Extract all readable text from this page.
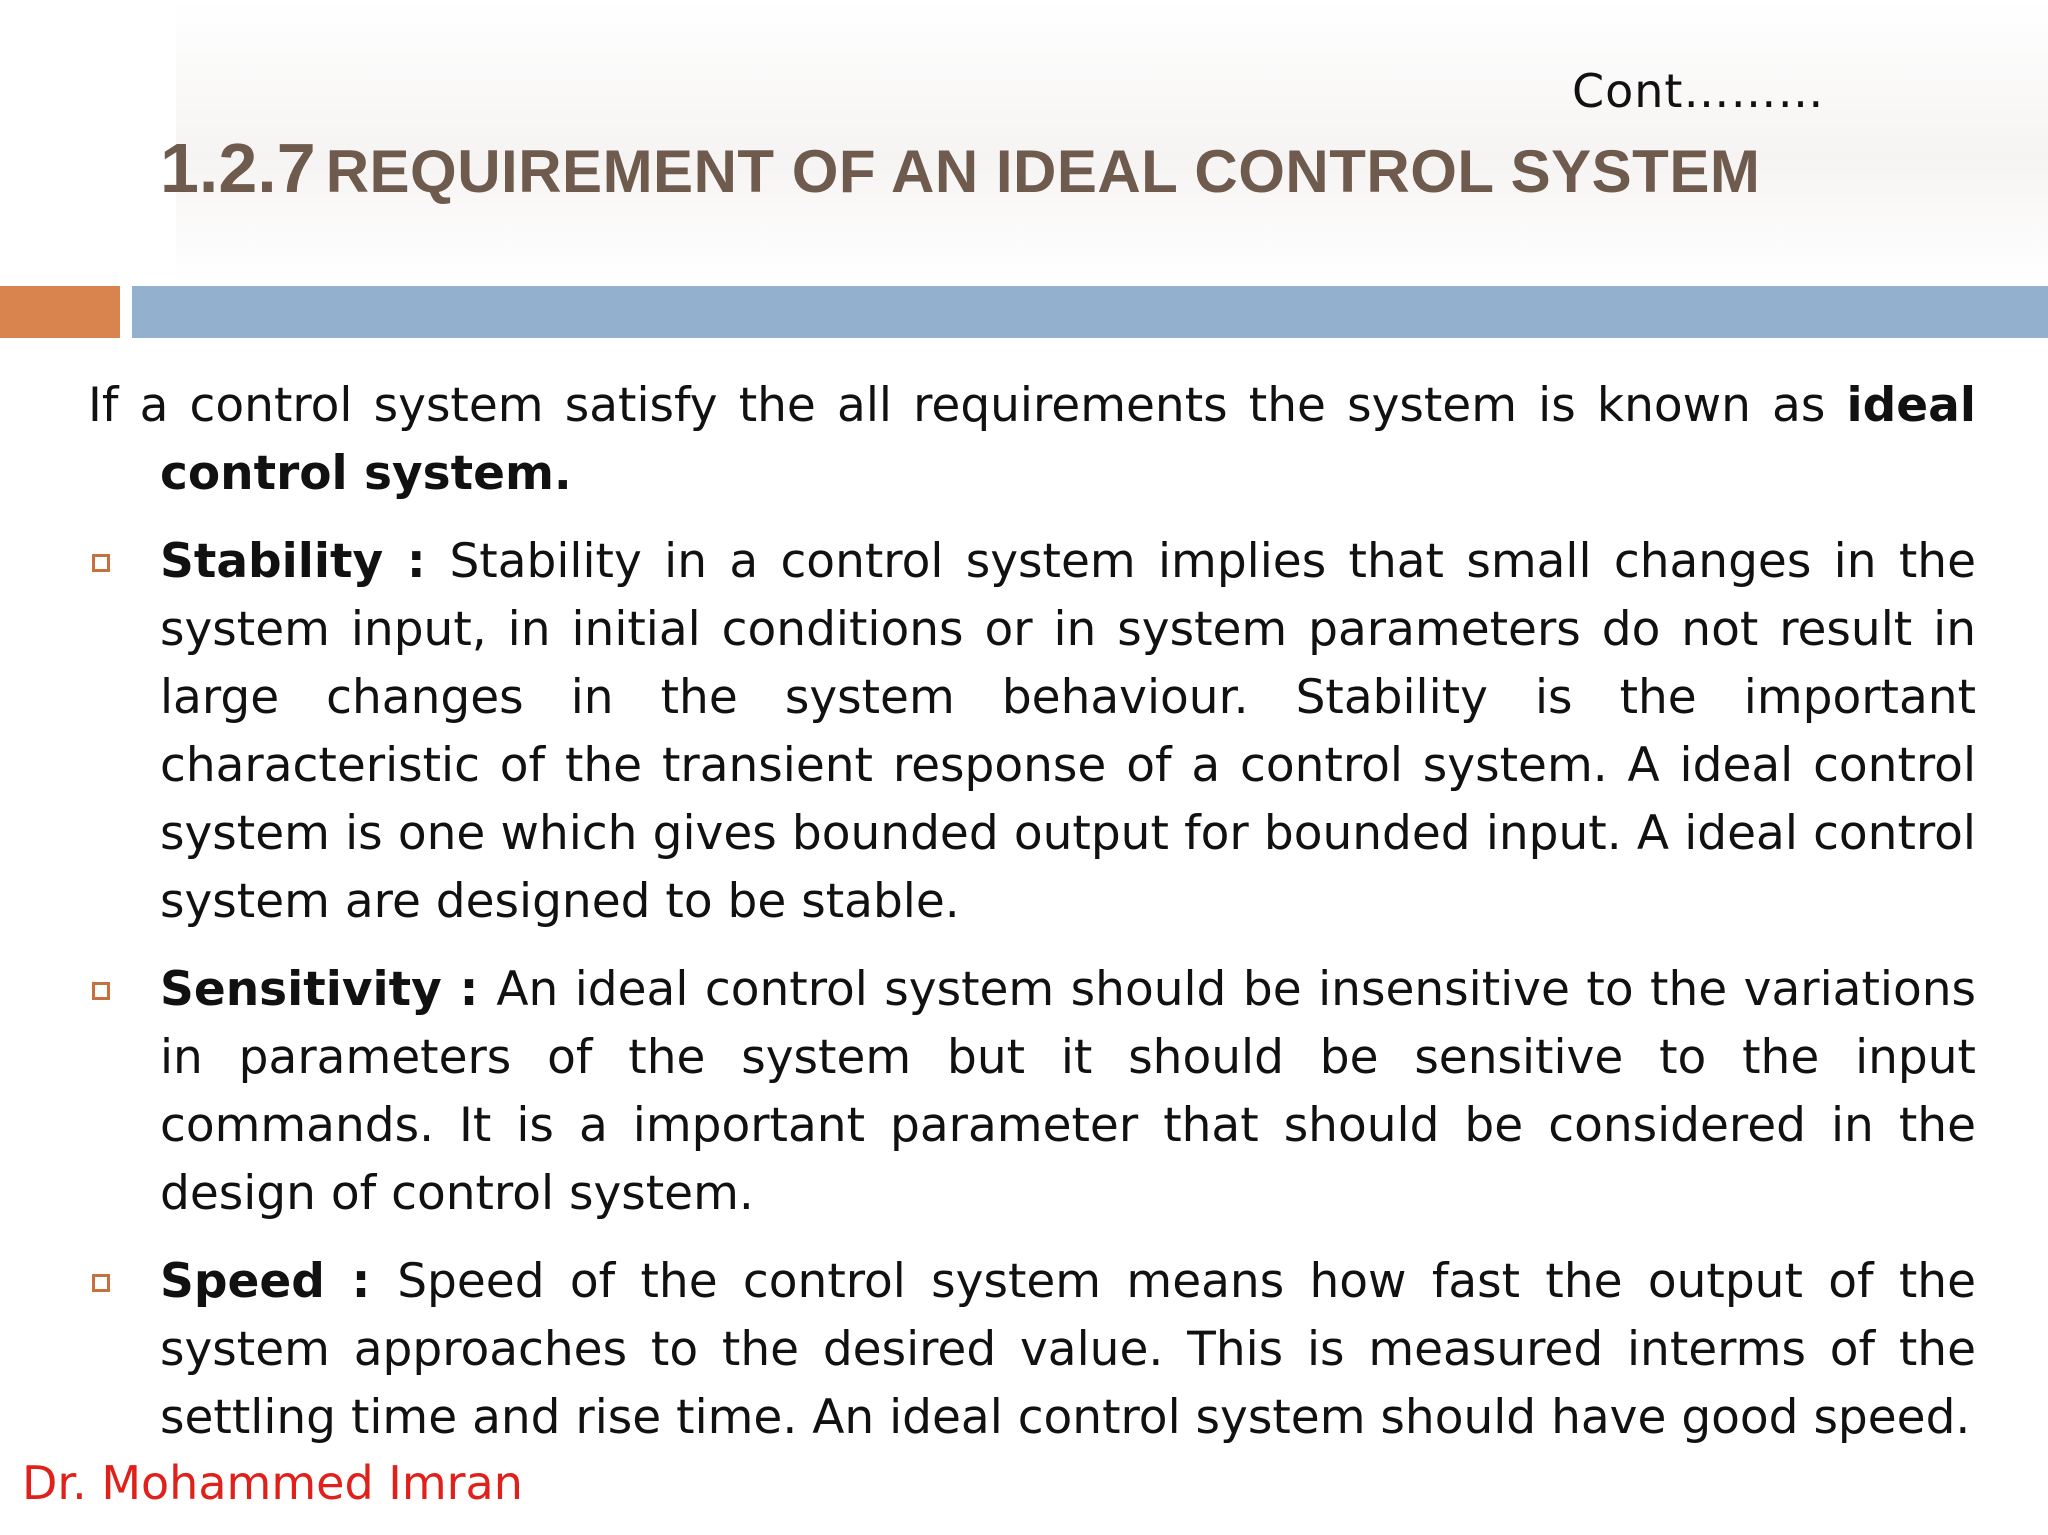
Cont………
1.2.7 REQUIREMENT OF AN IDEAL CONTROL SYSTEM

If a control system satisfy the all requirements the system is known as ideal control system.

Stability : Stability in a control system implies that small changes in the system input, in initial conditions or in system parameters do not result in large changes in the system behaviour. Stability is the important characteristic of the transient response of a control system. A ideal control system is one which gives bounded output for bounded input. A ideal control system are designed to be stable.
Sensitivity : An ideal control system should be insensitive to the variations in parameters of the system but it should be sensitive to the input commands. It is a important parameter that should be considered in the design of control system.
Speed : Speed of the control system means how fast the output of the system approaches to the desired value. This is measured interms of the settling time and rise time. An ideal control system should have good speed.
Dr. Mohammed Imran
